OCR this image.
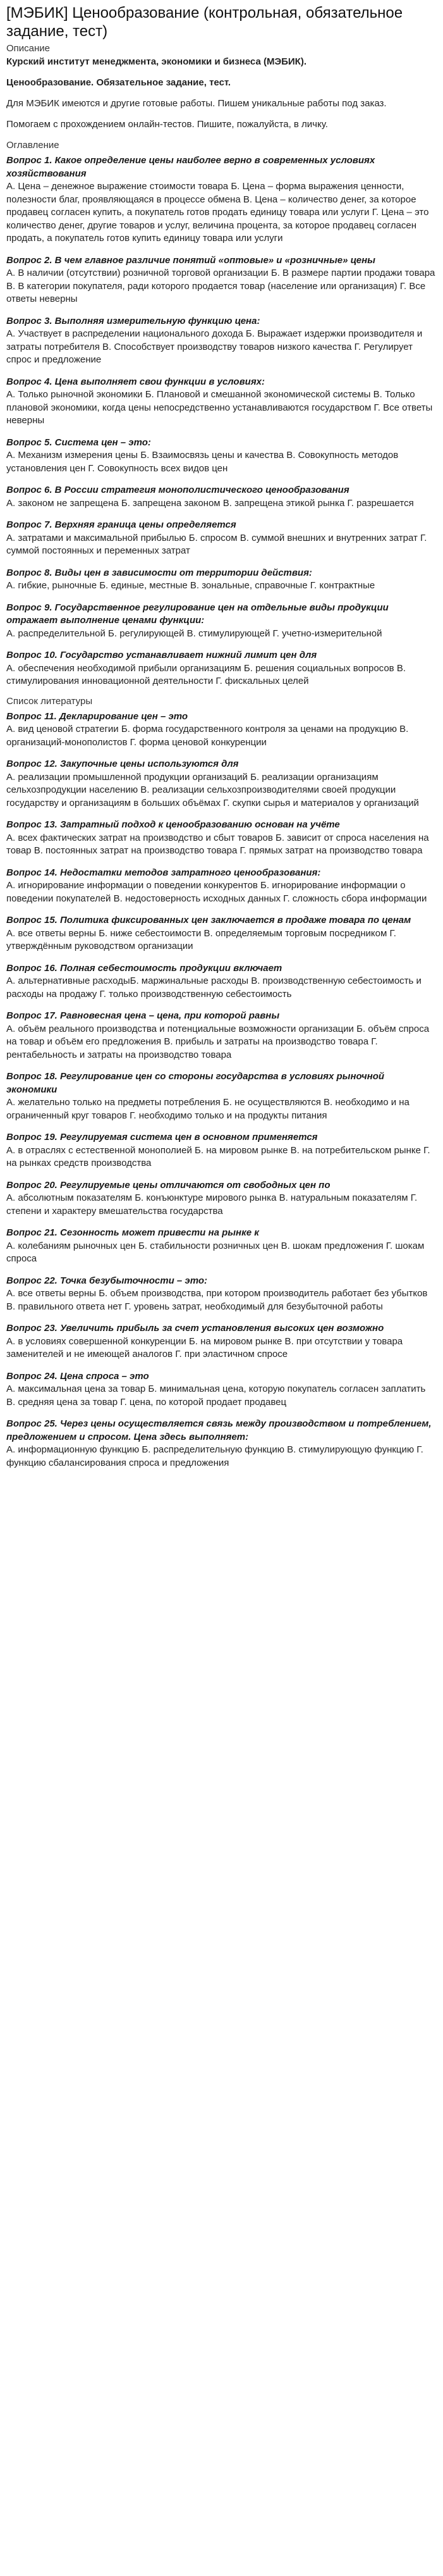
[МЭБИК] Ценообразование (контрольная, обязательное задание, тест)

Описание

Курский институт менеджмента, экономики и бизнеса (МЭБИК).

Ценообразование. Обязательное задание, тест.

Для МЭБИК имеются и другие готовые работы. Пишем уникальные работы под заказ.

Помогаем с прохождением онлайн-тестов. Пишите, пожалуйста, в личку.

Оглавление

Вопрос 1. Какое определение цены наиболее верно в современных условиях хозяйствования

А. Цена – денежное выражение стоимости товара Б. Цена – форма выражения ценности, полезности благ, проявляющаяся в процессе обмена В. Цена – количество денег, за которое продавец согласен купить, а покупатель готов продать единицу товара или услуги Г. Цена – это количество денег, другие товаров и услуг, величина процента, за которое продавец согласен продать, а покупатель готов купить единицу товара или услуги

Вопрос 2. В чем главное различие понятий «оптовые» и «розничные» цены

А. В наличии (отсутствии) розничной торговой организации Б. В размере партии продажи товара В. В категории покупателя, ради которого продается товар (население или организация) Г. Все ответы неверны

Вопрос 3. Выполняя измерительную функцию цена:

А. Участвует в распределении национального дохода Б. Выражает издержки производителя и затраты потребителя В. Способствует производству товаров низкого качества Г. Регулирует спрос и предложение

Вопрос 4. Цена выполняет свои функции в условиях:

А. Только рыночной экономики Б. Плановой и смешанной экономической системы В. Только плановой экономики, когда цены непосредственно устанавливаются государством Г. Все ответы неверны

Вопрос 5. Система цен – это:

А. Механизм измерения цены Б. Взаимосвязь цены и качества В. Совокупность методов установления цен Г. Совокупность всех видов цен

Вопрос 6. В России стратегия монополистического ценообразования

А. законом не запрещена Б. запрещена законом В. запрещена этикой рынка Г. разрешается

Вопрос 7. Верхняя граница цены определяется

А. затратами и максимальной прибылью Б. спросом В. суммой внешних и внутренних затрат Г. суммой постоянных и переменных затрат

Вопрос 8. Виды цен в зависимости от территории действия:

А. гибкие, рыночные Б. единые, местные В. зональные, справочные Г. контрактные

Вопрос 9. Государственное регулирование цен на отдельные виды продукции отражает выполнение ценами функции:

А. распределительной Б. регулирующей В. стимулирующей Г. учетно-измерительной

Вопрос 10. Государство устанавливает нижний лимит цен для

А. обеспечения необходимой прибыли организациям Б. решения социальных вопросов В. стимулирования инновационной деятельности Г. фискальных целей

Список литературы

Вопрос 11. Декларирование цен – это

А. вид ценовой стратегии Б. форма государственного контроля за ценами на продукцию В. организаций-монополистов Г. форма ценовой конкуренции

Вопрос 12. Закупочные цены используются для

А. реализации промышленной продукции организаций Б. реализации организациям сельхозпродукции населению В. реализации сельхозпроизводителями своей продукции государству и организациям в больших объёмах Г. скупки сырья и материалов у организаций

Вопрос 13. Затратный подход к ценообразованию основан на учёте

А. всех фактических затрат на производство и сбыт товаров Б. зависит от спроса населения на товар В. постоянных затрат на производство товара Г. прямых затрат на производство товара

Вопрос 14. Недостатки методов затратного ценообразования:

А. игнорирование информации о поведении конкурентов Б. игнорирование информации о поведении покупателей В. недостоверность исходных данных Г. сложность сбора информации

Вопрос 15. Политика фиксированных цен заключается в продаже товара по ценам

А. все ответы верны Б. ниже себестоимости В. определяемым торговым посредником Г. утверждённым руководством организации

Вопрос 16. Полная себестоимость продукции включает

А. альтернативные расходыБ. маржинальные расходы В. производственную себестоимость и расходы на продажу Г. только производственную себестоимость

Вопрос 17. Равновесная цена – цена, при которой равны

А. объём реального производства и потенциальные возможности организации Б. объём спроса на товар и объём его предложения В. прибыль и затраты на производство товара Г. рентабельность и затраты на производство товара

Вопрос 18. Регулирование цен со стороны государства в условиях рыночной экономики

А. желательно только на предметы потребления Б. не осуществляются В. необходимо и на ограниченный круг товаров Г. необходимо только и на продукты питания

Вопрос 19. Регулируемая система цен в основном применяется

А. в отраслях с естественной монополией Б. на мировом рынке В. на потребительском рынке Г. на рынках средств производства

Вопрос 20. Регулируемые цены отличаются от свободных цен по

А. абсолютным показателям Б. конъюнктуре мирового рынка В. натуральным показателям Г. степени и характеру вмешательства государства

Вопрос 21. Сезонность может привести на рынке к

А. колебаниям рыночных цен Б. стабильности розничных цен В. шокам предложения Г. шокам спроса

Вопрос 22. Точка безубыточности – это:

А. все ответы верны Б. объем производства, при котором производитель работает без убытков В. правильного ответа нет Г. уровень затрат, необходимый для безубыточной работы

Вопрос 23. Увеличить прибыль за счет установления высоких цен возможно

А. в условиях совершенной конкуренции Б. на мировом рынке В. при отсутствии у товара заменителей и не имеющей аналогов Г. при эластичном спросе

Вопрос 24. Цена спроса – это

А. максимальная цена за товар Б. минимальная цена, которую покупатель согласен заплатить В. средняя цена за товар Г. цена, по которой продает продавец

Вопрос 25. Через цены осуществляется связь между производством и потреблением, предложением и спросом. Цена здесь выполняет:

А. информационную функцию Б. распределительную функцию В. стимулирующую функцию Г. функцию сбалансирования спроса и предложения
